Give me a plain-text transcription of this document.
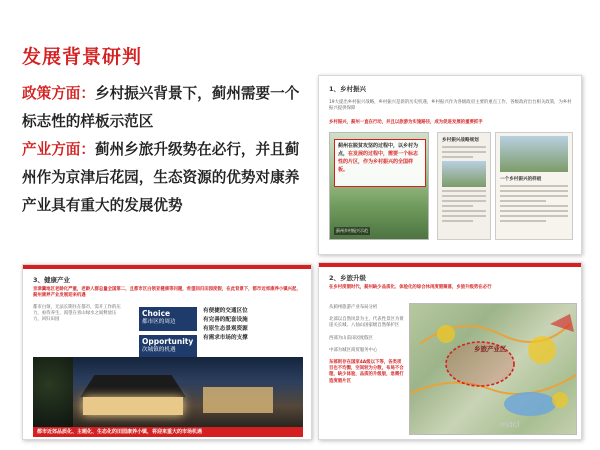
发展背景研判
政策方面：乡村振兴背景下，蓟州需要一个标志性的样板示范区
产业方面：蓟州乡旅升级势在必行，并且蓟州作为京津后花园，生态资源的优势对康养产业具有重大的发展优势
1、乡村振兴
19大提出乡村振兴战略，乡村振兴是新的历史机遇，乡村振兴作为各级政府主要的重点工作，各级政府出台相关政策，为乡村振兴提供保障
乡村振兴，蓟州一直在行动，并且以旅游为实施路径，成为促进发展的重要抓手
蓟州在脱贫攻坚的过程中，以乡村为点，在发展的过程中，需要一个标志性的片区，作为乡村振兴的全国样板。
蓟州乡村振兴示范
乡村振兴战略规划
一个乡村振兴的样板
3、健康产业
京津冀地区老龄化严重，老龄人群总量全国第二，且都市区白领亚健康等问题，希望回归田园度假，在此背景下，都市近郊康养小镇兴起，蓟州康养产业发展迎来机遇
都市白领，无法长期住在都市，需开工作的压力，亟待养生，渴望在青山绿水之间释放压力，回归田园
Choice
都市区的周边
Opportunity
次城镇的机遇
有便捷的交通区位
有完善的配套设施
有原生态景观资源
有需求市场的支撑
都市近郊品质化、主题化、生态化的田园康养小镇，将迎来重大的市场机遇
2、乡旅升级
在乡村度假时代，蓟州缺少品质化、体验化的综合休闲度假聚落，乡旅升级势在必行

从蓟州旅游产业布局分析

北部以自然风景为主，代表性景区为黄崖关长城、八仙山国家级自然保护区

西部为山前田园度假区

中部为城区商贸服务中心

东部则存在国家4A级以下等，各类项目也不均衡，空间较为分散，布局不合理，缺少体验、品质的升级版，急需打造度假片区

乡旅产业区
mdcl
